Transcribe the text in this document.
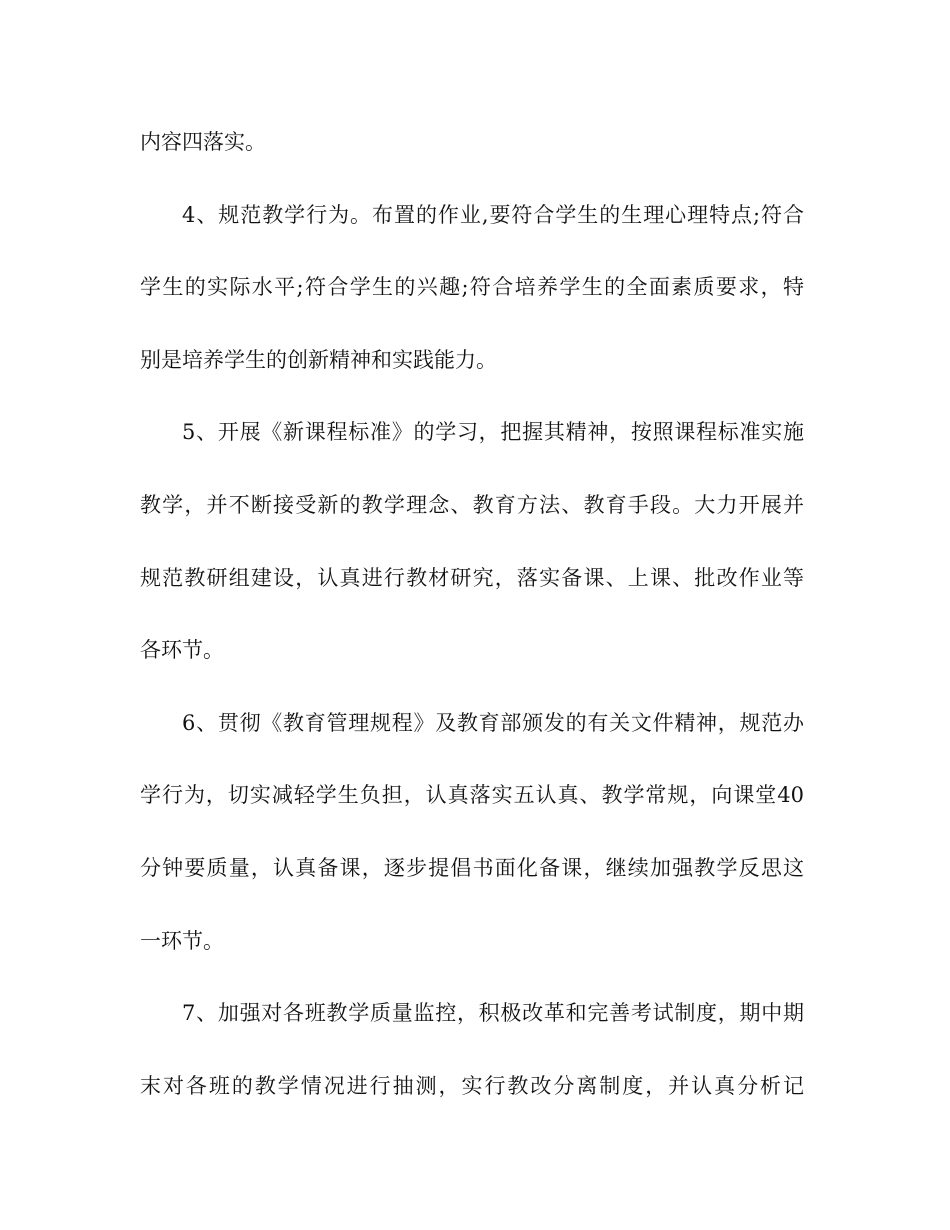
内容四落实。
4、规范教学行为。布置的作业,要符合学生的生理心理特点;符合
学生的实际水平;符合学生的兴趣;符合培养学生的全面素质要求，特
别是培养学生的创新精神和实践能力。
5、开展《新课程标准》的学习，把握其精神，按照课程标准实施
教学，并不断接受新的教学理念、教育方法、教育手段。大力开展并
规范教研组建设，认真进行教材研究，落实备课、上课、批改作业等
各环节。
6、贯彻《教育管理规程》及教育部颁发的有关文件精神，规范办
学行为，切实减轻学生负担，认真落实五认真、教学常规，向课堂40
分钟要质量，认真备课，逐步提倡书面化备课，继续加强教学反思这
一环节。
7、加强对各班教学质量监控，积极改革和完善考试制度，期中期
末对各班的教学情况进行抽测，实行教改分离制度，并认真分析记
